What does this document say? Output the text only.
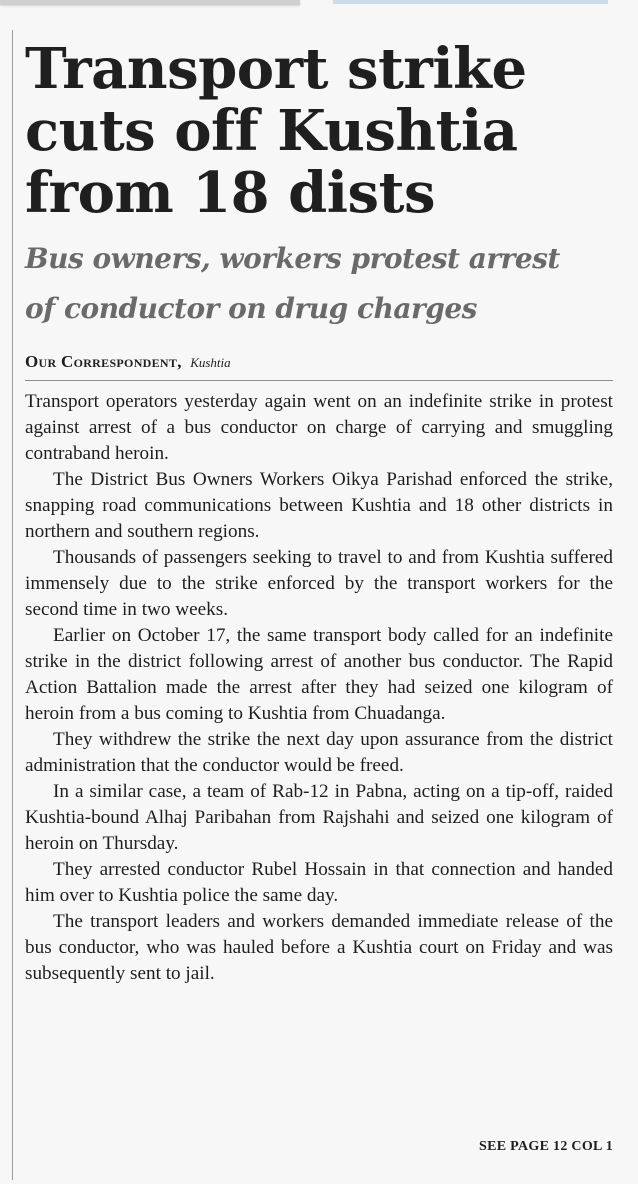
Transport strike
cuts off Kushtia
from 18 dists
Bus owners, workers protest arrest
of conductor on drug charges
Our Correspondent, Kushtia

Transport operators yesterday again went on an indefinite strike in protest against arrest of a bus conductor on charge of carrying and smuggling contraband heroin.

The District Bus Owners Workers Oikya Parishad enforced the strike, snapping road communications between Kushtia and 18 other districts in northern and southern regions.

Thousands of passengers seeking to travel to and from Kushtia suffered immensely due to the strike enforced by the transport workers for the second time in two weeks.

Earlier on October 17, the same transport body called for an indefinite strike in the district following arrest of another bus conductor. The Rapid Action Battalion made the arrest after they had seized one kilogram of heroin from a bus coming to Kushtia from Chuadanga.

They withdrew the strike the next day upon assurance from the district administration that the conductor would be freed.

In a similar case, a team of Rab-12 in Pabna, acting on a tip-off, raided Kushtia-bound Alhaj Paribahan from Rajshahi and seized one kilogram of heroin on Thursday.

They arrested conductor Rubel Hossain in that connection and handed him over to Kushtia police the same day.

The transport leaders and workers demanded immediate release of the bus conductor, who was hauled before a Kushtia court on Friday and was subsequently sent to jail.

SEE PAGE 12 COL 1
